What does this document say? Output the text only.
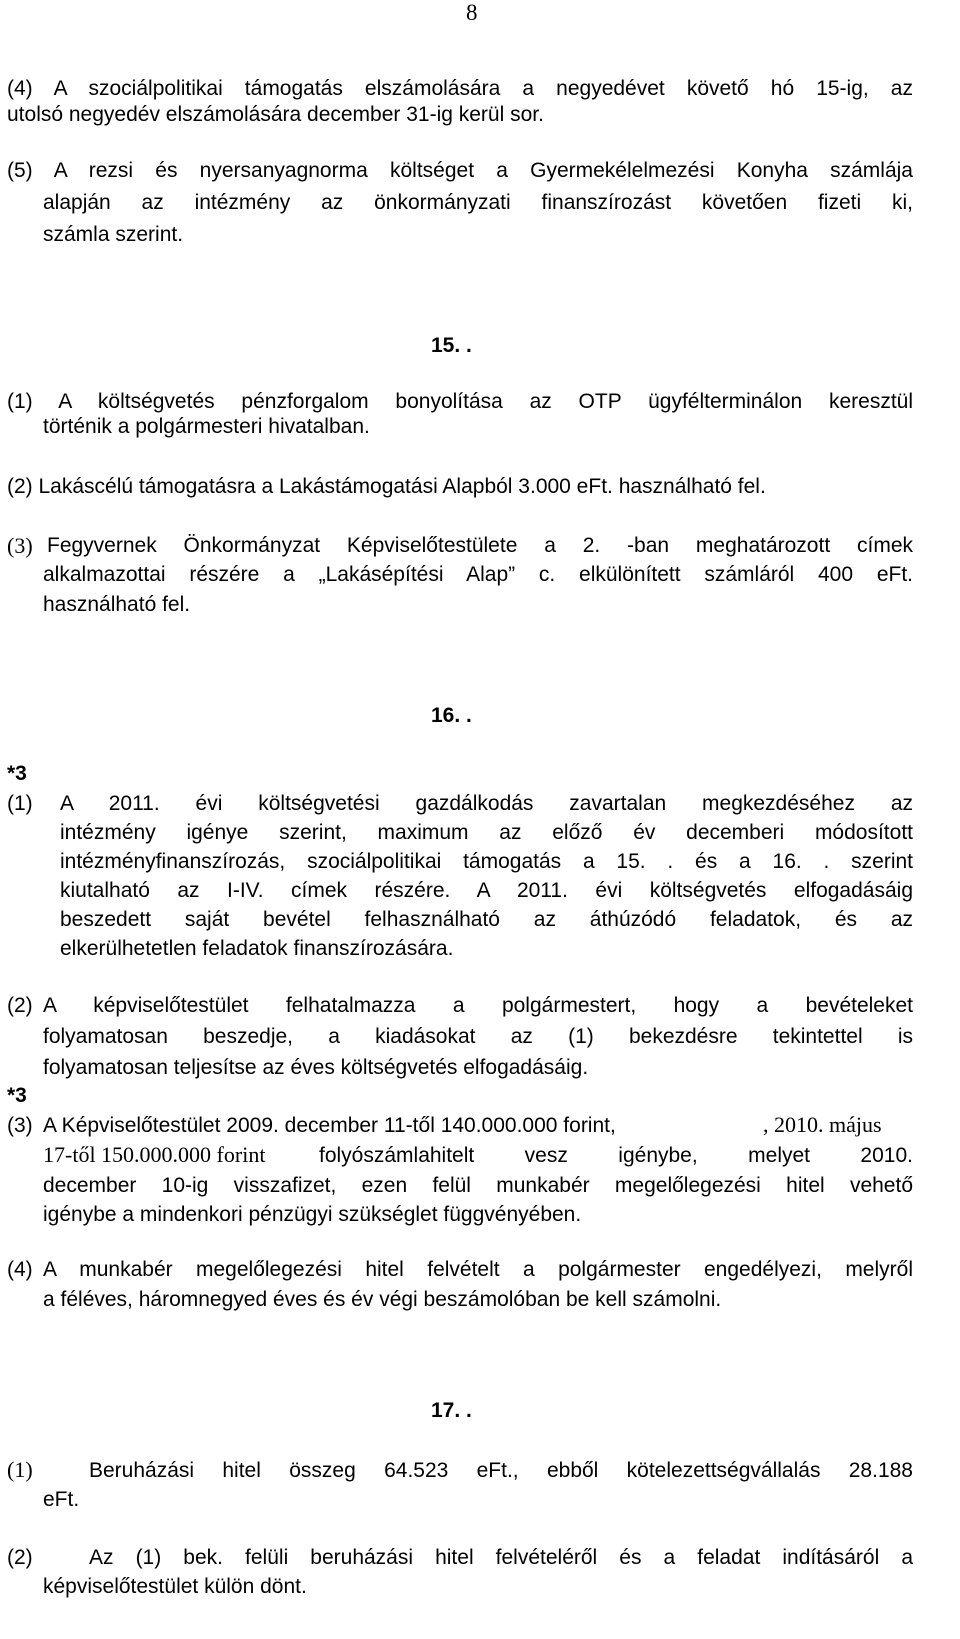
8
(4) A szociálpolitikai támogatás elszámolására a negyedévet követő hó 15-ig, az
utolsó negyedév elszámolására december 31-ig kerül sor.
(5) A rezsi és nyersanyagnorma költséget a Gyermekélelmezési Konyha számlája
alapján az intézmény az önkormányzati finanszírozást követően fizeti ki,
számla szerint.
15. .
(1) A költségvetés pénzforgalom bonyolítása az OTP ügyfélterminálon keresztül
történik a polgármesteri hivatalban.
(2) Lakáscélú támogatásra a Lakástámogatási Alapból 3.000 eFt. használható fel.
(3) Fegyvernek Önkormányzat Képviselőtestülete a 2. -ban meghatározott címek
alkalmazottai részére a „Lakásépítési Alap” c. elkülönített számláról 400 eFt.
használható fel.
16. .
*3
(1) A 2011. évi költségvetési gazdálkodás zavartalan megkezdéséhez az
intézmény igénye szerint, maximum az előző év decemberi módosított
intézményfinanszírozás, szociálpolitikai támogatás a 15. . és a 16. . szerint
kiutalható az I-IV. címek részére. A 2011. évi költségvetés elfogadásáig
beszedett saját bevétel felhasználható az áthúzódó feladatok, és az
elkerülhetetlen feladatok finanszírozására.
(2) A képviselőtestület felhatalmazza a polgármestert, hogy a bevételeket
folyamatosan beszedje, a kiadásokat az (1) bekezdésre tekintettel is
folyamatosan teljesítse az éves költségvetés elfogadásáig.
*3
(3) A Képviselőtestület 2009. december 11-től 140.000.000 forint,	, 2010. május
17-től 150.000.000 forint	folyószámlahitelt vesz igénybe, melyet 2010.
december 10-ig visszafizet, ezen felül munkabér megelőlegezési hitel vehető
igénybe a mindenkori pénzügyi szükséglet függvényében.
(4) A munkabér megelőlegezési hitel felvételt a polgármester engedélyezi, melyről
a féléves, háromnegyed éves és év végi beszámolóban be kell számolni.
17. .
(1)	Beruházási hitel összeg 64.523 eFt., ebből kötelezettségvállalás 28.188
eFt.
(2)	Az (1) bek. felüli beruházási hitel felvételéről és a feladat indításáról a
képviselőtestület külön dönt.
